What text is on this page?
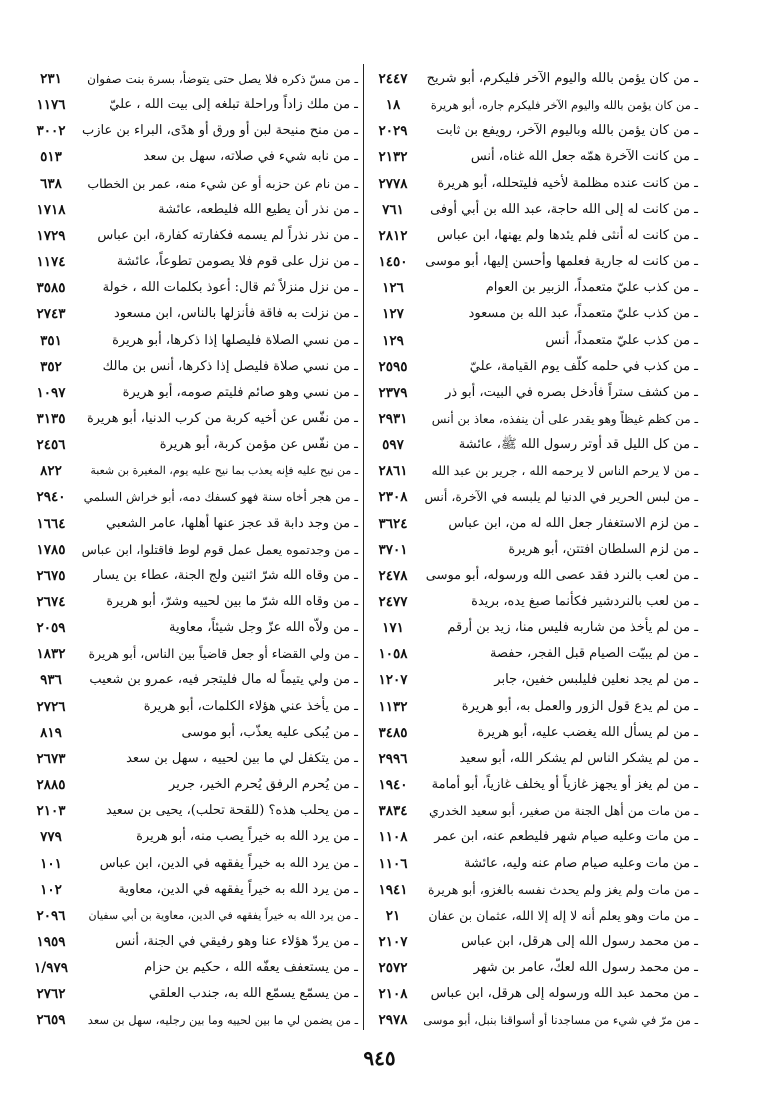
ـ من كان يؤمن بالله واليوم الآخر فليكرم، أبو شريح
٢٤٤٧
ـ من كان يؤمن بالله واليوم الآخر فليكرم جاره، أبو هريرة
١٨
ـ من كان يؤمن بالله وباليوم الآخر، رويفع بن ثابت
٢٠٢٩
ـ من كانت الآخرة همّه جعل الله غناه، أنس
٢١٣٢
ـ من كانت عنده مظلمة لأخيه فليتحلله، أبو هريرة
٢٧٧٨
ـ من كانت له إلى الله حاجة، عبد الله بن أبي أوفى
٧٦١
ـ من كانت له أنثى فلم يئدها ولم يهنها، ابن عباس
٢٨١٢
ـ من كانت له جارية فعلمها وأحسن إليها، أبو موسى
١٤٥٠
ـ من كذب عليّ متعمداً، الزبير بن العوام
١٢٦
ـ من كذب عليّ متعمداً، عبد الله بن مسعود
١٢٧
ـ من كذب عليّ متعمداً، أنس
١٢٩
ـ من كذب في حلمه كلّف يوم القيامة، عليّ
٢٥٩٥
ـ من كشف ستراً فأدخل بصره في البيت، أبو ذر
٢٣٧٩
ـ من كظم غيظاً وهو يقدر على أن ينفذه، معاذ بن أنس
٢٩٣١
ـ من كل الليل قد أوتر رسول الله ﷺ، عائشة
٥٩٧
ـ من لا يرحم الناس لا يرحمه الله ، جرير بن عبد الله
٢٨٦١
ـ من لبس الحرير في الدنيا لم يلبسه في الآخرة، أنس
٢٣٠٨
ـ من لزم الاستغفار جعل الله له من، ابن عباس
٣٦٢٤
ـ من لزم السلطان افتتن، أبو هريرة
٣٧٠١
ـ من لعب بالنرد فقد عصى الله ورسوله، أبو موسى
٢٤٧٨
ـ من لعب بالنردشير فكأنما صبغ يده، بريدة
٢٤٧٧
ـ من لم يأخذ من شاربه فليس منا، زيد بن أرقم
١٧١
ـ من لم يبيّت الصيام قبل الفجر، حفصة
١٠٥٨
ـ من لم يجد نعلين فليلبس خفين، جابر
١٢٠٧
ـ من لم يدع قول الزور والعمل به، أبو هريرة
١١٣٢
ـ من لم يسأل الله يغضب عليه، أبو هريرة
٣٤٨٥
ـ من لم يشكر الناس لم يشكر الله، أبو سعيد
٢٩٩٦
ـ من لم يغز أو يجهز غازياً أو يخلف غازياً، أبو أمامة
١٩٤٠
ـ من مات من أهل الجنة من صغير، أبو سعيد الخدري
٣٨٣٤
ـ من مات وعليه صيام شهر فليطعم عنه، ابن عمر
١١٠٨
ـ من مات وعليه صيام صام عنه وليه، عائشة
١١٠٦
ـ من مات ولم يغز ولم يحدث نفسه بالغزو، أبو هريرة
١٩٤١
ـ من مات وهو يعلم أنه لا إله إلا الله، عثمان بن عفان
٢١
ـ من محمد رسول الله إلى هرقل، ابن عباس
٢١٠٧
ـ من محمد رسول الله لعكّ، عامر بن شهر
٢٥٧٢
ـ من محمد عبد الله ورسوله إلى هرقل، ابن عباس
٢١٠٨
ـ من مرّ في شيء من مساجدنا أو أسواقنا بنبل، أبو موسى
٢٩٧٨
ـ من مسّ ذكره فلا يصل حتى يتوضأ، بسرة بنت صفوان
٢٣١
ـ من ملك زاداً وراحلة تبلغه إلى بيت الله ، عليّ
١١٧٦
ـ من منح منيحة لبن أو ورق أو هدًى، البراء بن عازب
٣٠٠٢
ـ من نابه شيء في صلاته، سهل بن سعد
٥١٣
ـ من نام عن حزبه أو عن شيء منه، عمر بن الخطاب
٦٣٨
ـ من نذر أن يطيع الله فليطعه، عائشة
١٧١٨
ـ من نذر نذراً لم يسمه فكفارته كفارة، ابن عباس
١٧٢٩
ـ من نزل على قوم فلا يصومن تطوعاً، عائشة
١١٧٤
ـ من نزل منزلاً ثم قال: أعوذ بكلمات الله ، خولة
٣٥٨٥
ـ من نزلت به فاقة فأنزلها بالناس، ابن مسعود
٢٧٤٣
ـ من نسي الصلاة فليصلها إذا ذكرها، أبو هريرة
٣٥١
ـ من نسي صلاة فليصل إذا ذكرها، أنس بن مالك
٣٥٢
ـ من نسي وهو صائم فليتم صومه، أبو هريرة
١٠٩٧
ـ من نفّس عن أخيه كربة من كرب الدنيا، أبو هريرة
٣١٣٥
ـ من نفّس عن مؤمن كربة، أبو هريرة
٢٤٥٦
ـ من نيح عليه فإنه يعذب بما نيح عليه يوم، المغيرة بن شعبة
٨٢٢
ـ من هجر أخاه سنة فهو كسفك دمه، أبو خراش السلمي
٢٩٤٠
ـ من وجد دابة قد عجز عنها أهلها، عامر الشعبي
١٦٦٤
ـ من وجدتموه يعمل عمل قوم لوط فاقتلوا، ابن عباس
١٧٨٥
ـ من وقاه الله شرّ اثنين ولج الجنة، عطاء بن يسار
٢٦٧٥
ـ من وقاه الله شرّ ما بين لحييه وشرّ، أبو هريرة
٢٦٧٤
ـ من ولاّه الله عزّ وجل شيئاً، معاوية
٢٠٥٩
ـ من ولي القضاء أو جعل قاضياً بين الناس، أبو هريرة
١٨٣٢
ـ من ولي يتيماً له مال فليتجر فيه، عمرو بن شعيب
٩٣٦
ـ من يأخذ عني هؤلاء الكلمات، أبو هريرة
٢٧٢٦
ـ من يُبكى عليه يعذّب، أبو موسى
٨١٩
ـ من يتكفل لي ما بين لحييه ، سهل بن سعد
٢٦٧٣
ـ من يُحرم الرفق يُحرم الخير، جرير
٢٨٨٥
ـ من يحلب هذه؟ (للقحة تحلب)، يحيى بن سعيد
٢١٠٣
ـ من يرد الله به خيراً يصب منه، أبو هريرة
٧٧٩
ـ من يرد الله به خيراً يفقهه في الدين، ابن عباس
١٠١
ـ من يرد الله به خيراً يفقهه في الدين، معاوية
١٠٢
ـ من يرد الله به خيراً يفقهه في الدين، معاوية بن أبي سفيان
٢٠٩٦
ـ من يردّ هؤلاء عنا وهو رفيقي في الجنة، أنس
١٩٥٩
ـ من يستعفف يعفّه الله ، حكيم بن حزام
١/٩٧٩
ـ من يسمّع يسمّع الله به، جندب العلقي
٢٧٦٢
ـ من يضمن لي ما بين لحييه وما بين رجليه، سهل بن سعد
٢٦٥٩
٩٤٥
